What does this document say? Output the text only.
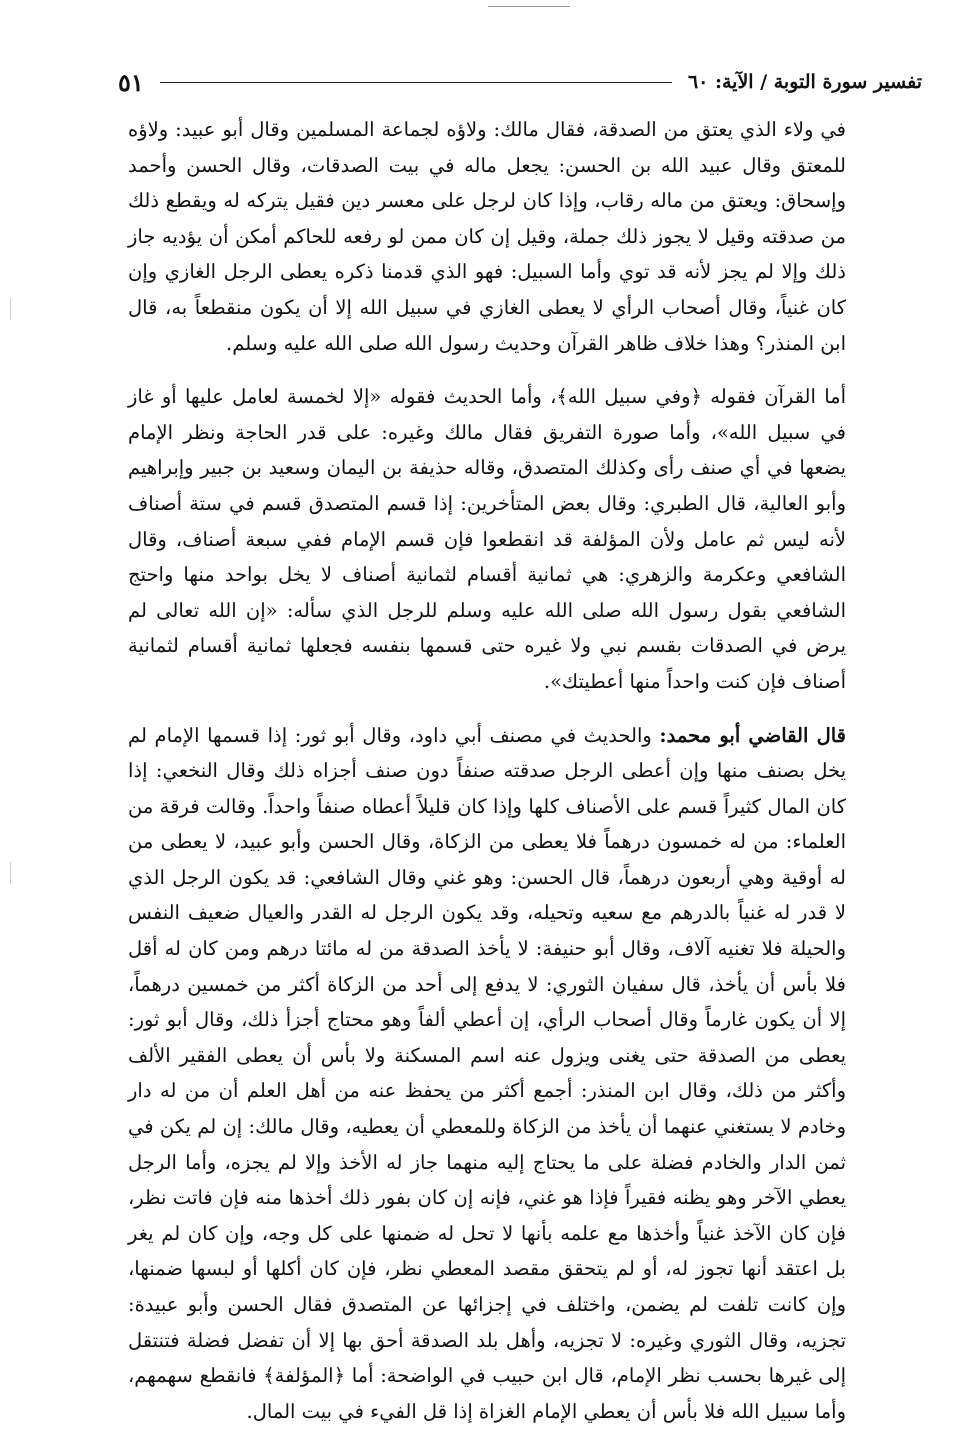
تفسير سورة التوبة / الآية: ٦٠
٥١

في ولاء الذي يعتق من الصدقة، فقال مالك: ولاؤه لجماعة المسلمين وقال أبو عبيد: ولاؤه للمعتق وقال عبيد الله بن الحسن: يجعل ماله في بيت الصدقات، وقال الحسن وأحمد وإسحاق: ويعتق من ماله رقاب، وإذا كان لرجل على معسر دين فقيل يتركه له ويقطع ذلك من صدقته وقيل لا يجوز ذلك جملة، وقيل إن كان ممن لو رفعه للحاكم أمكن أن يؤديه جاز ذلك وإلا لم يجز لأنه قد توي وأما السبيل: فهو الذي قدمنا ذكره يعطى الرجل الغازي وإن كان غنياً، وقال أصحاب الرأي لا يعطى الغازي في سبيل الله إلا أن يكون منقطعاً به، قال ابن المنذر؟ وهذا خلاف ظاهر القرآن وحديث رسول الله صلى الله عليه وسلم.

أما القرآن فقوله ﴿وفي سبيل الله﴾، وأما الحديث فقوله «إلا لخمسة لعامل عليها أو غاز في سبيل الله»، وأما صورة التفريق فقال مالك وغيره: على قدر الحاجة ونظر الإمام يضعها في أي صنف رأى وكذلك المتصدق، وقاله حذيفة بن اليمان وسعيد بن جبير وإبراهيم وأبو العالية، قال الطبري: وقال بعض المتأخرين: إذا قسم المتصدق قسم في ستة أصناف لأنه ليس ثم عامل ولأن المؤلفة قد انقطعوا فإن قسم الإمام ففي سبعة أصناف، وقال الشافعي وعكرمة والزهري: هي ثمانية أقسام لثمانية أصناف لا يخل بواحد منها واحتج الشافعي بقول رسول الله صلى الله عليه وسلم للرجل الذي سأله: «إن الله تعالى لم يرض في الصدقات بقسم نبي ولا غيره حتى قسمها بنفسه فجعلها ثمانية أقسام لثمانية أصناف فإن كنت واحداً منها أعطيتك».

قال القاضي أبو محمد: والحديث في مصنف أبي داود، وقال أبو ثور: إذا قسمها الإمام لم يخل بصنف منها وإن أعطى الرجل صدقته صنفاً دون صنف أجزاه ذلك وقال النخعي: إذا كان المال كثيراً قسم على الأصناف كلها وإذا كان قليلاً أعطاه صنفاً واحداً. وقالت فرقة من العلماء: من له خمسون درهماً فلا يعطى من الزكاة، وقال الحسن وأبو عبيد، لا يعطى من له أوقية وهي أربعون درهماً، قال الحسن: وهو غني وقال الشافعي: قد يكون الرجل الذي لا قدر له غنياً بالدرهم مع سعيه وتحيله، وقد يكون الرجل له القدر والعيال ضعيف النفس والحيلة فلا تغنيه آلاف، وقال أبو حنيفة: لا يأخذ الصدقة من له مائتا درهم ومن كان له أقل فلا بأس أن يأخذ، قال سفيان الثوري: لا يدفع إلى أحد من الزكاة أكثر من خمسين درهماً، إلا أن يكون غارماً وقال أصحاب الرأي، إن أعطي ألفاً وهو محتاج أجزأ ذلك، وقال أبو ثور: يعطى من الصدقة حتى يغنى ويزول عنه اسم المسكنة ولا بأس أن يعطى الفقير الألف وأكثر من ذلك، وقال ابن المنذر: أجمع أكثر من يحفظ عنه من أهل العلم أن من له دار وخادم لا يستغني عنهما أن يأخذ من الزكاة وللمعطي أن يعطيه، وقال مالك: إن لم يكن في ثمن الدار والخادم فضلة على ما يحتاج إليه منهما جاز له الأخذ وإلا لم يجزه، وأما الرجل يعطي الآخر وهو يظنه فقيراً فإذا هو غني، فإنه إن كان بفور ذلك أخذها منه فإن فاتت نظر، فإن كان الآخذ غنياً وأخذها مع علمه بأنها لا تحل له ضمنها على كل وجه، وإن كان لم يغر بل اعتقد أنها تجوز له، أو لم يتحقق مقصد المعطي نظر، فإن كان أكلها أو لبسها ضمنها، وإن كانت تلفت لم يضمن، واختلف في إجزائها عن المتصدق فقال الحسن وأبو عبيدة: تجزيه، وقال الثوري وغيره: لا تجزيه، وأهل بلد الصدقة أحق بها إلا أن تفضل فضلة فتنتقل إلى غيرها بحسب نظر الإمام، قال ابن حبيب في الواضحة: أما ﴿المؤلفة﴾ فانقطع سهمهم، وأما سبيل الله فلا بأس أن يعطي الإمام الغزاة إذا قل الفيء في بيت المال.
